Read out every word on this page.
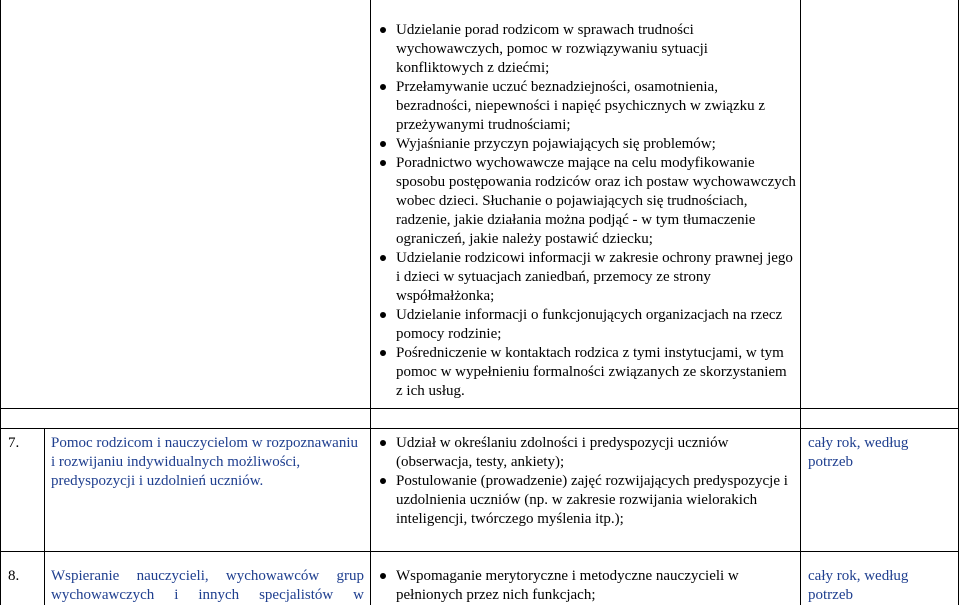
Udzielanie porad rodzicom w sprawach trudności wychowawczych, pomoc w rozwiązywaniu sytuacji konfliktowych z dziećmi;
Przełamywanie uczuć beznadziejności, osamotnienia, bezradności, niepewności i napięć psychicznych w związku z przeżywanymi trudnościami;
Wyjaśnianie przyczyn pojawiających się problemów;
Poradnictwo wychowawcze mające na celu modyfikowanie sposobu postępowania rodziców oraz ich postaw wychowawczych wobec dzieci. Słuchanie o pojawiających się trudnościach, radzenie, jakie działania można podjąć - w tym tłumaczenie ograniczeń, jakie należy postawić dziecku;
Udzielanie rodzicowi informacji w zakresie ochrony prawnej jego i dzieci w sytuacjach zaniedbań, przemocy ze strony współmałżonka;
Udzielanie informacji o funkcjonujących organizacjach na rzecz pomocy rodzinie;
Pośredniczenie w kontaktach rodzica z tymi instytucjami, w tym pomoc w wypełnieniu formalności związanych ze skorzystaniem z ich usług.
7. Pomoc rodzicom i nauczycielom w rozpoznawaniu i rozwijaniu indywidualnych możliwości, predyspozycji i uzdolnień uczniów.
Udział w określaniu zdolności i predyspozycji uczniów (obserwacja, testy, ankiety);
Postulowanie (prowadzenie) zajęć rozwijających predyspozycje i uzdolnienia uczniów (np. w zakresie rozwijania wielorakich inteligencji, twórczego myślenia itp.);
cały rok, według potrzeb
8. Wspieranie nauczycieli, wychowawców grup
wychowawczych i innych specjalistów w
Wspomaganie merytoryczne i metodyczne nauczycieli w pełnionych przez nich funkcjach;
cały rok, według potrzeb
